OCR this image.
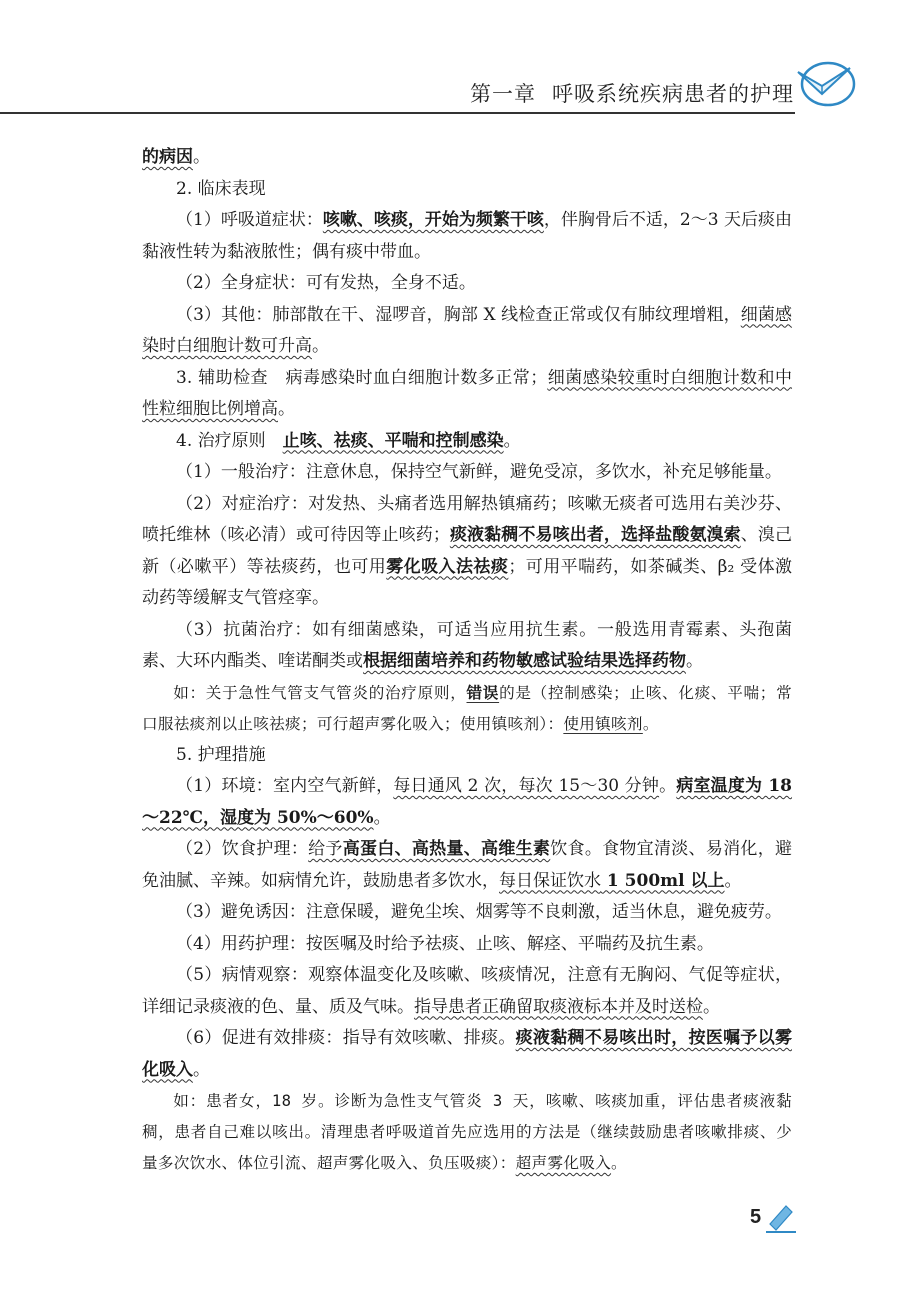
第一章 呼吸系统疾病患者的护理

的病因。

2. 临床表现

（1）呼吸道症状：咳嗽、咳痰，开始为频繁干咳，伴胸骨后不适，2～3 天后痰由黏液性转为黏液脓性；偶有痰中带血。

（2）全身症状：可有发热，全身不适。

（3）其他：肺部散在干、湿啰音，胸部 X 线检查正常或仅有肺纹理增粗，细菌感染时白细胞计数可升高。

3. 辅助检查　病毒感染时血白细胞计数多正常；细菌感染较重时白细胞计数和中性粒细胞比例增高。

4. 治疗原则　止咳、祛痰、平喘和控制感染。

（1）一般治疗：注意休息，保持空气新鲜，避免受凉，多饮水，补充足够能量。

（2）对症治疗：对发热、头痛者选用解热镇痛药；咳嗽无痰者可选用右美沙芬、喷托维林（咳必清）或可待因等止咳药；痰液黏稠不易咳出者，选择盐酸氨溴索、溴己新（必嗽平）等祛痰药，也可用雾化吸入法祛痰；可用平喘药，如茶碱类、β₂ 受体激动药等缓解支气管痉挛。

（3）抗菌治疗：如有细菌感染，可适当应用抗生素。一般选用青霉素、头孢菌素、大环内酯类、喹诺酮类或根据细菌培养和药物敏感试验结果选择药物。

如：关于急性气管支气管炎的治疗原则，错误的是（控制感染；止咳、化痰、平喘；常口服祛痰剂以止咳祛痰；可行超声雾化吸入；使用镇咳剂）：使用镇咳剂。

5. 护理措施

（1）环境：室内空气新鲜，每日通风 2 次，每次 15～30 分钟。病室温度为 18～22℃，湿度为 50%～60%。

（2）饮食护理：给予高蛋白、高热量、高维生素饮食。食物宜清淡、易消化，避免油腻、辛辣。如病情允许，鼓励患者多饮水，每日保证饮水 1 500ml 以上。

（3）避免诱因：注意保暖，避免尘埃、烟雾等不良刺激，适当休息，避免疲劳。

（4）用药护理：按医嘱及时给予祛痰、止咳、解痉、平喘药及抗生素。

（5）病情观察：观察体温变化及咳嗽、咳痰情况，注意有无胸闷、气促等症状，详细记录痰液的色、量、质及气味。指导患者正确留取痰液标本并及时送检。

（6）促进有效排痰：指导有效咳嗽、排痰。痰液黏稠不易咳出时，按医嘱予以雾化吸入。

如：患者女，18 岁。诊断为急性支气管炎 3 天，咳嗽、咳痰加重，评估患者痰液黏稠，患者自己难以咳出。清理患者呼吸道首先应选用的方法是（继续鼓励患者咳嗽排痰、少量多次饮水、体位引流、超声雾化吸入、负压吸痰）：超声雾化吸入。

5
